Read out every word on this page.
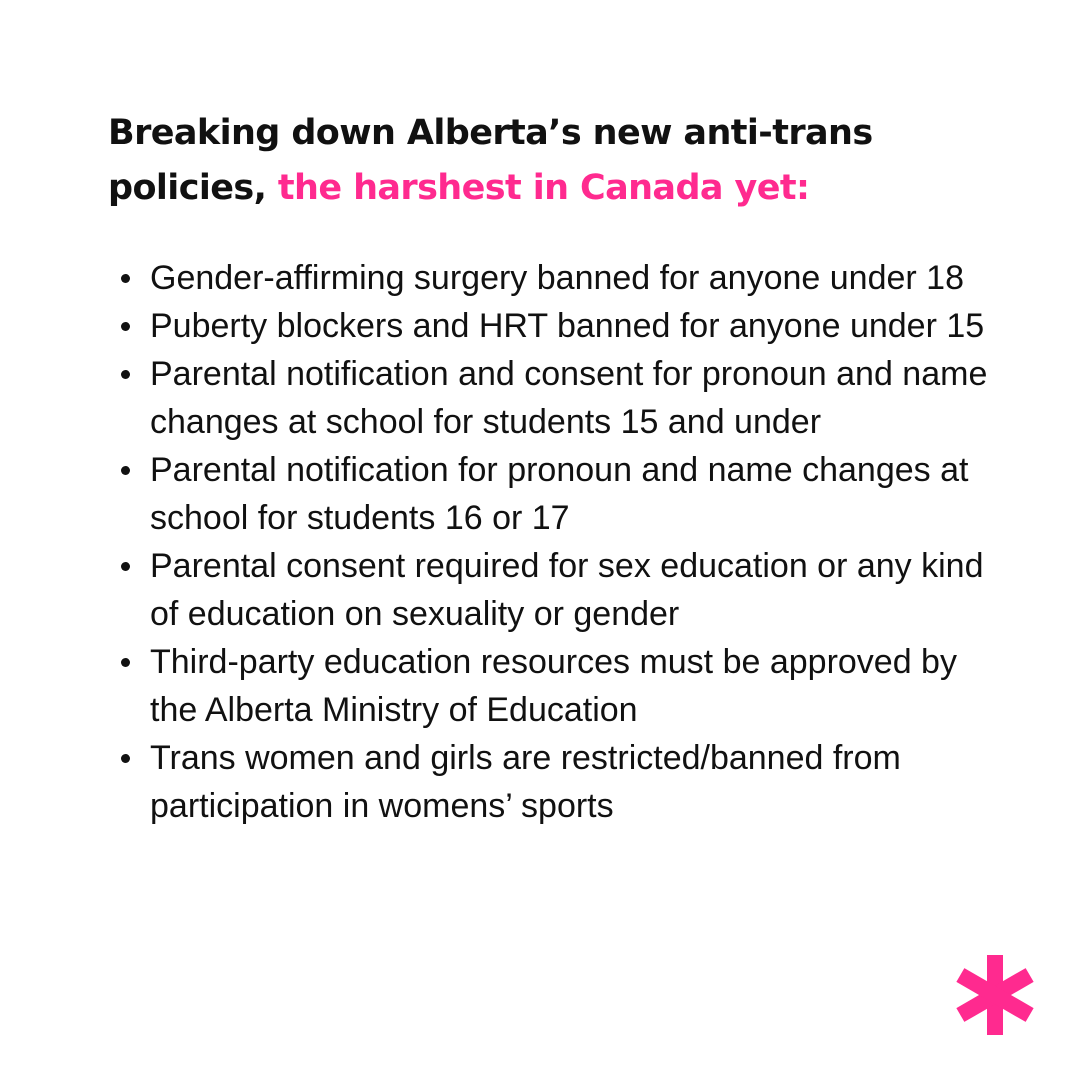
Breaking down Alberta’s new anti-trans policies, the harshest in Canada yet:
Gender-affirming surgery banned for anyone under 18
Puberty blockers and HRT banned for anyone under 15
Parental notification and consent for pronoun and name changes at school for students 15 and under
Parental notification for pronoun and name changes at school for students 16 or 17
Parental consent required for sex education or any kind of education on sexuality or gender
Third-party education resources must be approved by the Alberta Ministry of Education
Trans women and girls are restricted/banned from participation in womens’ sports
